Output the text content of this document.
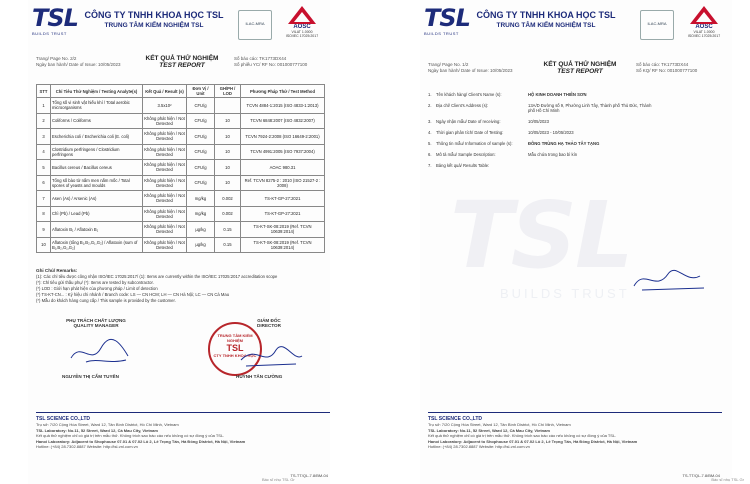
TSL
BUILDS TRUST
CÔNG TY TNHH KHOA HỌC TSL
TRUNG TÂM KIỂM NGHIỆM TSL	ILAC-MRA
AOSC
VILAT 1.0000
ISO/IEC 17025:2017
Trang/ Page No. 2/2
Ngày ban hành/ Date of Issue: 10/05/2023
Số báo cáo: TK1773DX44
Số phiếu YC/ RF No: 001000777100
KẾT QUẢ THỬ NGHIỆM
TEST REPORT
STT	Chỉ Tiêu Thử Nghiệm / Testing Analyte(s)	Kết Quả / Result (s)	Đơn Vị / Unit	GH/PH / LOD	Phương Pháp Thử / Test Method
1	Tổng số vi sinh vật hiếu khí / Total aerobic microorganisms	3.5x10²	CFU/g		TCVN 4884-1:2015 (ISO 4833-1:2013)
2	Coliforms / Coliforms	Không phát hiện / Not Detected	CFU/g	10	TCVN 6848:2007 (ISO 4832:2007)
3	Escherichia coli / Escherichia coli (E. coli)	Không phát hiện / Not Detected	CFU/g	10	TCVN 7924-2:2008 (ISO 16649-2:2001)
4	Clostridium perfringens / Clostridium perfringens	Không phát hiện / Not Detected	CFU/g	10	TCVN 4991:2005 (ISO 7937:2004)
5	Bacillus cereus / Bacillus cereus	Không phát hiện / Not Detected	CFU/g	10	AOAC 980.31
6	Tổng số bào tử nấm men nấm mốc / Total spores of yeasts and moulds	Không phát hiện / Not Detected	CFU/g	10	Ref. TCVN 8275-2 : 2010 (ISO 21527-2 : 2008)
7	Asen (As) / Arsenic (As)	Không phát hiện / Not Detected	mg/kg	0.002	TS-KT-GP-27:2021
8	Chì (Pb) / Lead (Pb)	Không phát hiện / Not Detected	mg/kg	0.002	TS-KT-GP-27:2021
9	Aflatoxin B₁ / Aflatoxin B₁	Không phát hiện / Not Detected	µg/kg	0.15	TS-KT-SK-08:2019 (Ref. TCVN 10639:2014)
10	Aflatoxin (tổng B₁,B₂,G₁,G₂) / Aflatoxin (sum of B₁,B₂,G₁,G₂)	Không phát hiện / Not Detected	µg/kg	0.15	TS-KT-SK-08:2019 (Ref. TCVN 10639:2014)
Ghi Chú/ Remarks:
(1): Các chỉ tiêu được công nhận ISO/IEC 17025:2017/ (1): Items are currently within the ISO/IEC 17025:2017 accreditation scope
(*): Chỉ tiêu gửi thầu phụ/ (*): Items are tested by subcontractor.
(*) LOD : Giới hạn phát hiện của phương pháp / Limit of detection
(*) TS-KT-CN... : Ký hiệu chi nhánh / Branch code: LS — CN HCM; LH — CN Hà Nội; LC — CN Cà Mau
(*) Mẫu do khách hàng cung cấp / This sample is provided by the customer.
PHỤ TRÁCH CHẤT LƯỢNG
QUALITY MANAGER
NGUYỄN THỊ CẨM TUYẾN
GIÁM ĐỐC
DIRECTOR
TRUNG TÂM KIỂM NGHIỆM
TSL
CTY TNHH KHOA HỌC
HUỲNH TẤN CƯỜNG
TSL SCIENCE CO.,LTD
Trụ sở: 7/20 Cộng Hòa Street, Ward 12, Tân Bình District, Hồ Chí Minh, Vietnam
TSL Laboratory: No.11, 52 Street, Ward 12, Cà Mau City, Vietnam
Kết quả thử nghiệm chỉ có giá trị trên mẫu thử. Không trích sao báo cáo nếu không có sự đồng ý của TSL.
Hanoi Laboratory: Adjacent to Shophouse 07.01 & 07.02 Lô 2, Lê Trọng Tấn, Hà Đông District, Hà Nội, Vietnam
Hotline: (+84) 28.7302.8887 Website: http://tsl-vnl.com.vn
TS-TT/QL-7.8/BM-04
Bác sĩ nhụ TSL Gr
TSL
BUILDS TRUST
CÔNG TY TNHH KHOA HỌC TSL
TRUNG TÂM KIỂM NGHIỆM TSL	ILAC-MRA
AOSC
VILAT 1.0000
ISO/IEC 17025:2017
Trang/ Page No. 1/2
Ngày ban hành/ Date of Issue: 10/05/2023
Số báo cáo: TK1773DX44
Số KQ/ RF No: 001000777100
KẾT QUẢ THỬ NGHIỆM
TEST REPORT
1.	Tên khách hàng/ Client's Name (s):	HỘ KINH DOANH THIÊN SƠN
2.	Địa chỉ/ Client's Address (s):	13A/D Đường số 9, Phường Linh Tây, Thành phố Thủ Đức, Thành phố Hồ Chí Minh
3.	Ngày nhận mẫu/ Date of receiving:	10/05/2023
4.	Thời gian phân tích/ Date of Testing:	10/05/2023 - 10/05/2023
5.	Thông tin mẫu/ Information of sample (s):	ĐÔNG TRÙNG HẠ THẢO TÂY TẠNG
6.	Mô tả mẫu/ Sample Description:	Mẫu chứa trong bao bì kín
7.	Bảng kết quả/ Results Table:
TSL
BUILDS TRUST
TSL SCIENCE CO.,LTD
Trụ sở: 7/20 Cộng Hòa Street, Ward 12, Tân Bình District, Hồ Chí Minh, Vietnam
TSL Laboratory: No.11, 52 Street, Ward 12, Cà Mau City, Vietnam
Kết quả thử nghiệm chỉ có giá trị trên mẫu thử. Không trích sao báo cáo nếu không có sự đồng ý của TSL.
Hanoi Laboratory: Adjacent to Shophouse 07.01 & 07.02 Lô 2, Lê Trọng Tấn, Hà Đông District, Hà Nội, Vietnam
Hotline: (+84) 28.7302.8887 Website: http://tsl-vnl.com.vn
TS-TT/QL-7.8/BM-04
Bác sĩ nhụ TSL Gr
